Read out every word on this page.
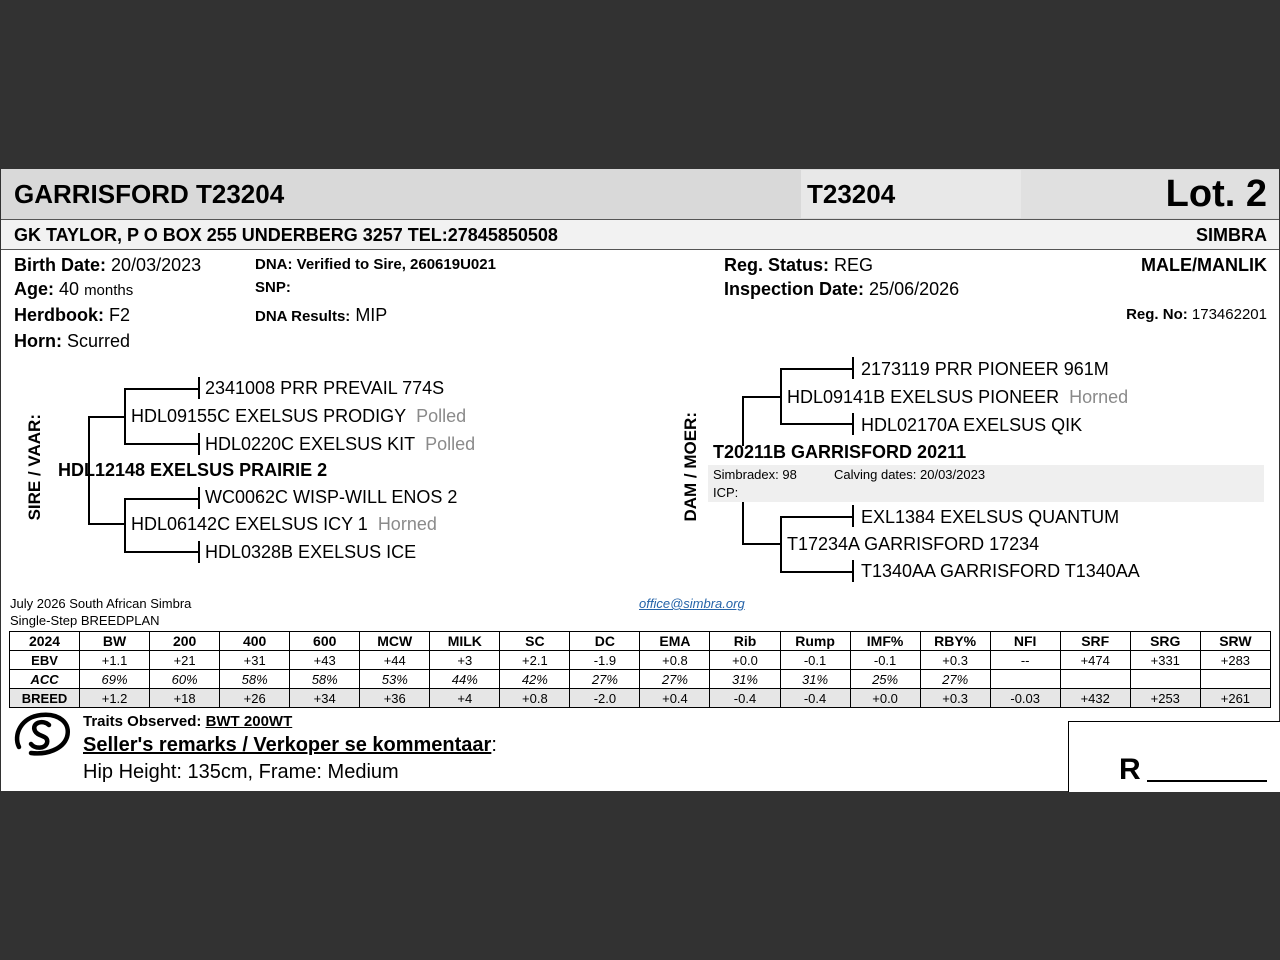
GARRISFORD T23204	T23204	Lot. 2
GK TAYLOR, P O BOX 255 UNDERBERG 3257 TEL:27845850508	SIMBRA
Birth Date: 20/03/2023
Age: 40 months
Herdbook: F2
Horn: Scurred
DNA: Verified to Sire, 260619U021
SNP:
DNA Results: MIP
Reg. Status: REG
Inspection Date: 25/06/2026
MALE/MANLIK
Reg. No: 173462201
SIRE / VAAR:
2341008 PRR PREVAIL 774S
HDL09155C EXELSUS PRODIGY Polled
HDL0220C EXELSUS KIT Polled
HDL12148 EXELSUS PRAIRIE 2
WC0062C WISP-WILL ENOS 2
HDL06142C EXELSUS ICY 1 Horned
HDL0328B EXELSUS ICE
DAM / MOER:
2173119 PRR PIONEER 961M
HDL09141B EXELSUS PIONEER Horned
HDL02170A EXELSUS QIK
T20211B GARRISFORD 20211
Simbradex: 98	Calving dates: 20/03/2023
ICP:
EXL1384 EXELSUS QUANTUM
T17234A GARRISFORD 17234
T1340AA GARRISFORD T1340AA
July 2026 South African Simbra
Single-Step BREEDPLAN
office@simbra.org
2024	BW	200	400	600	MCW	MILK	SC	DC	EMA	Rib	Rump	IMF%	RBY%	NFI	SRF	SRG	SRW
EBV	+1.1	+21	+31	+43	+44	+3	+2.1	-1.9	+0.8	+0.0	-0.1	-0.1	+0.3	--	+474	+331	+283
ACC	69%	60%	58%	58%	53%	44%	42%	27%	27%	31%	31%	25%	27%				
BREED	+1.2	+18	+26	+34	+36	+4	+0.8	-2.0	+0.4	-0.4	-0.4	+0.0	+0.3	-0.03	+432	+253	+261
Traits Observed: BWT 200WT
Seller's remarks / Verkoper se kommentaar:
Hip Height: 135cm, Frame: Medium	R
